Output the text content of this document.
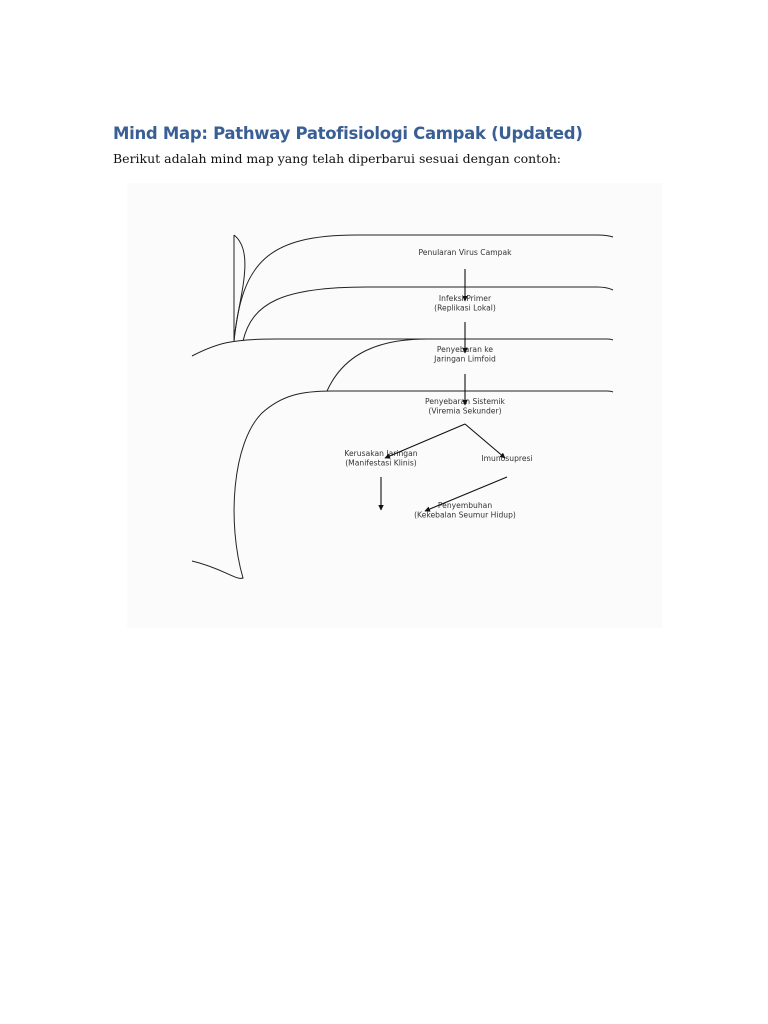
Mind Map: Pathway Patofisiologi Campak (Updated)

Berikut adalah mind map yang telah diperbarui sesuai dengan contoh:

Penularan Virus Campak
Infeksi Primer
(Replikasi Lokal)
Penyebaran ke
Jaringan Limfoid
Penyebaran Sistemik
(Viremia Sekunder)
Kerusakan Jaringan
(Manifestasi Klinis)	Imunosupresi
Penyembuhan
(Kekebalan Seumur Hidup)
